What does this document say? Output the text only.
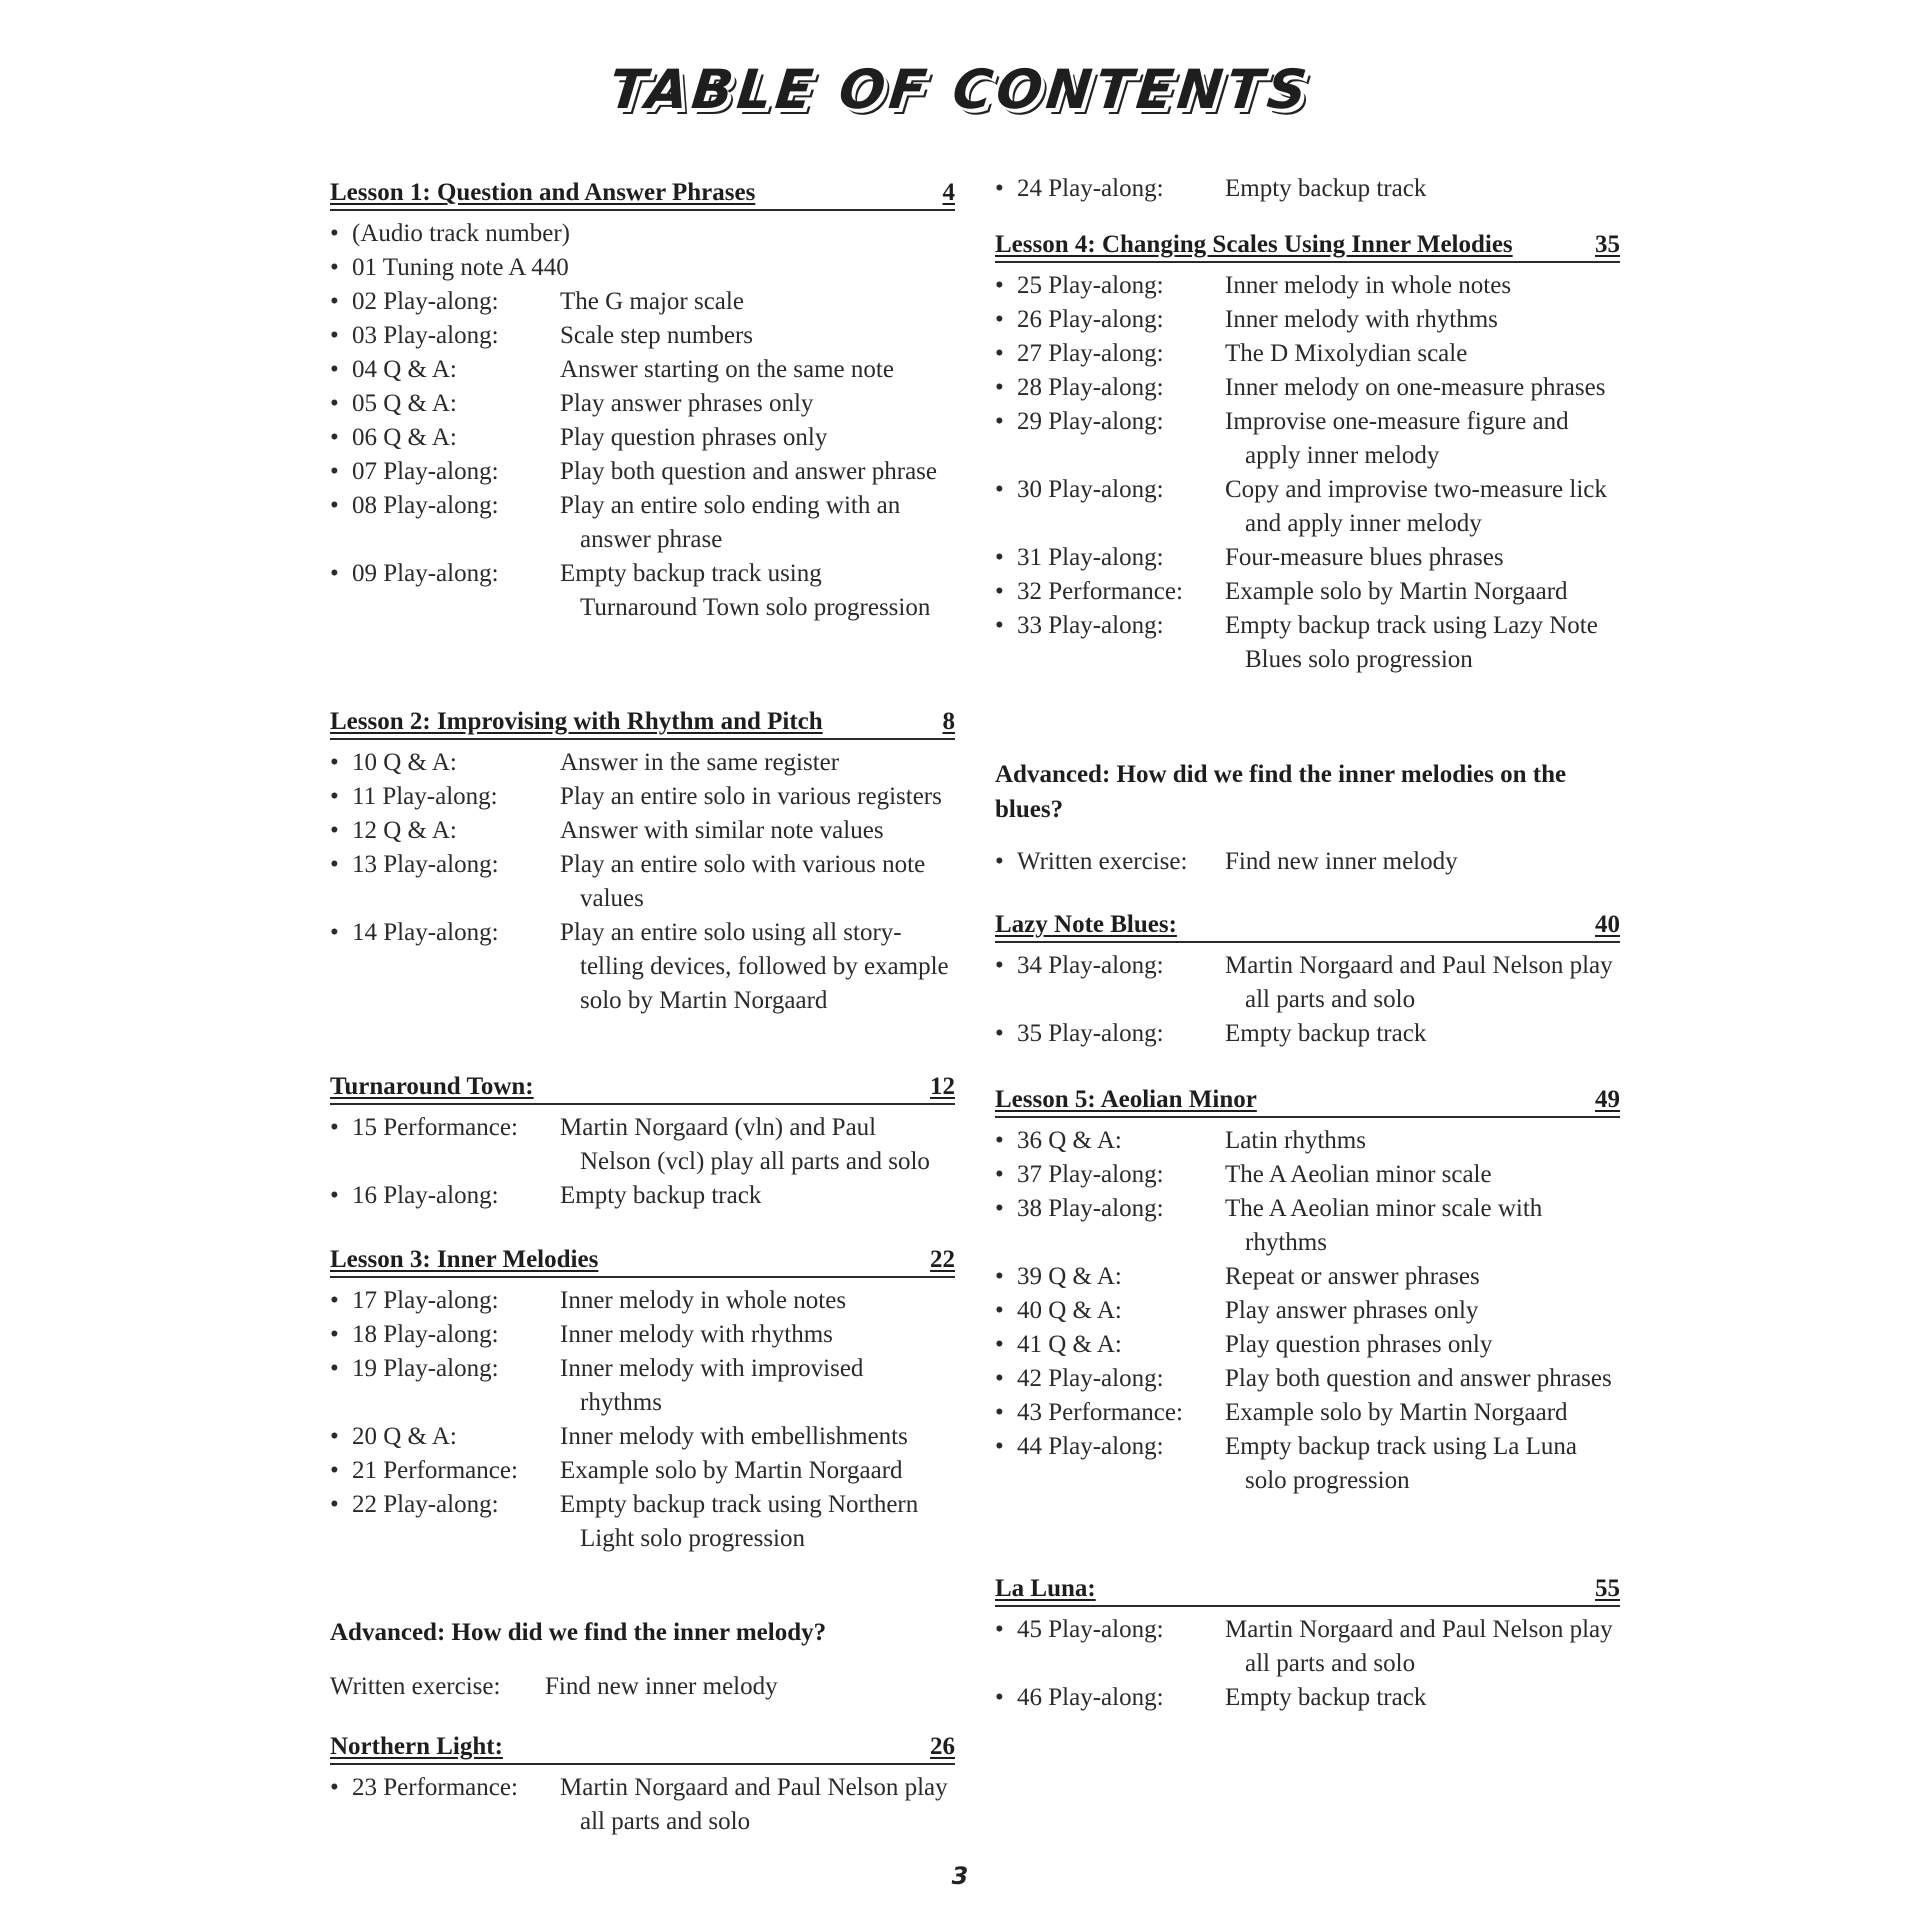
TABLE OF CONTENTS
Lesson 1: Question and Answer Phrases	4
• (Audio track number)
• 01 Tuning note A 440
• 02 Play-along:	The G major scale
• 03 Play-along:	Scale step numbers
• 04 Q & A:	Answer starting on the same note
• 05 Q & A:	Play answer phrases only
• 06 Q & A:	Play question phrases only
• 07 Play-along:	Play both question and answer phrase
• 08 Play-along:	Play an entire solo ending with an
answer phrase
• 09 Play-along:	Empty backup track using
Turnaround Town solo progression
Lesson 2: Improvising with Rhythm and Pitch	8
• 10 Q & A:	Answer in the same register
• 11 Play-along:	Play an entire solo in various registers
• 12 Q & A:	Answer with similar note values
• 13 Play-along:	Play an entire solo with various note
values
• 14 Play-along:	Play an entire solo using all story-
telling devices, followed by example
solo by Martin Norgaard
Turnaround Town:	12
• 15 Performance:	Martin Norgaard (vln) and Paul
Nelson (vcl) play all parts and solo
• 16 Play-along:	Empty backup track
Lesson 3: Inner Melodies	22
• 17 Play-along:	Inner melody in whole notes
• 18 Play-along:	Inner melody with rhythms
• 19 Play-along:	Inner melody with improvised
rhythms
• 20 Q & A:	Inner melody with embellishments
• 21 Performance:	Example solo by Martin Norgaard
• 22 Play-along:	Empty backup track using Northern
Light solo progression
Advanced: How did we find the inner melody?
Written exercise:	Find new inner melody
Northern Light:	26
• 23 Performance:	Martin Norgaard and Paul Nelson play
all parts and solo
• 24 Play-along:	Empty backup track
Lesson 4: Changing Scales Using Inner Melodies	35
• 25 Play-along:	Inner melody in whole notes
• 26 Play-along:	Inner melody with rhythms
• 27 Play-along:	The D Mixolydian scale
• 28 Play-along:	Inner melody on one-measure phrases
• 29 Play-along:	Improvise one-measure figure and
apply inner melody
• 30 Play-along:	Copy and improvise two-measure lick
and apply inner melody
• 31 Play-along:	Four-measure blues phrases
• 32 Performance:	Example solo by Martin Norgaard
• 33 Play-along:	Empty backup track using Lazy Note
Blues solo progression
Advanced: How did we find the inner melodies on the
blues?
• Written exercise:	Find new inner melody
Lazy Note Blues:	40
• 34 Play-along:	Martin Norgaard and Paul Nelson play
all parts and solo
• 35 Play-along:	Empty backup track
Lesson 5: Aeolian Minor	49
• 36 Q & A:	Latin rhythms
• 37 Play-along:	The A Aeolian minor scale
• 38 Play-along:	The A Aeolian minor scale with
rhythms
• 39 Q & A:	Repeat or answer phrases
• 40 Q & A:	Play answer phrases only
• 41 Q & A:	Play question phrases only
• 42 Play-along:	Play both question and answer phrases
• 43 Performance:	Example solo by Martin Norgaard
• 44 Play-along:	Empty backup track using La Luna
solo progression
La Luna:	55
• 45 Play-along:	Martin Norgaard and Paul Nelson play
all parts and solo
• 46 Play-along:	Empty backup track
3
